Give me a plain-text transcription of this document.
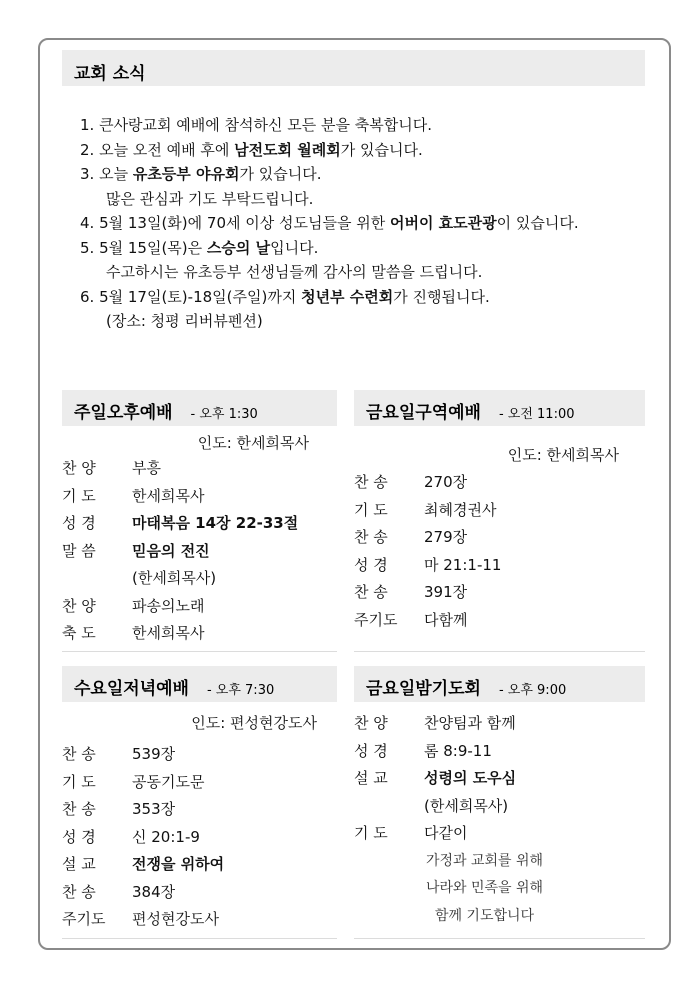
교회 소식
1. 큰사랑교회 예배에 참석하신 모든 분을 축복합니다.
2. 오늘 오전 예배 후에 남전도회 월례회가 있습니다.
3. 오늘 유초등부 야유회가 있습니다.
많은 관심과 기도 부탁드립니다.
4. 5월 13일(화)에 70세 이상 성도님들을 위한 어버이 효도관광이 있습니다.
5. 5월 15일(목)은 스승의 날입니다.
수고하시는 유초등부 선생님들께 감사의 말씀을 드립니다.
6. 5월 17일(토)-18일(주일)까지 청년부 수련회가 진행됩니다.
(장소: 청평 리버뷰펜션)
주일오후예배 - 오후 1:30
인도: 한세희목사
찬 양	부흥
기 도	한세희목사
성 경	마태복음 14장 22-33절
말 씀	믿음의 전진
(한세희목사)
찬 양	파송의노래
축 도	한세희목사
금요일구역예배 - 오전 11:00
인도: 한세희목사
찬 송	270장
기 도	최혜경권사
찬 송	279장
성 경	마 21:1-11
찬 송	391장
주기도	다함께
수요일저녁예배 - 오후 7:30
인도: 편성현강도사
찬 송	539장
기 도	공동기도문
찬 송	353장
성 경	신 20:1-9
설 교	전쟁을 위하여
찬 송	384장
주기도	편성현강도사
금요일밤기도회 - 오후 9:00
찬 양	찬양팀과 함께
성 경	롬 8:9-11
설 교	성령의 도우심
(한세희목사)
기 도	다같이
가정과 교회를 위해
나라와 민족을 위해
함께 기도합니다
